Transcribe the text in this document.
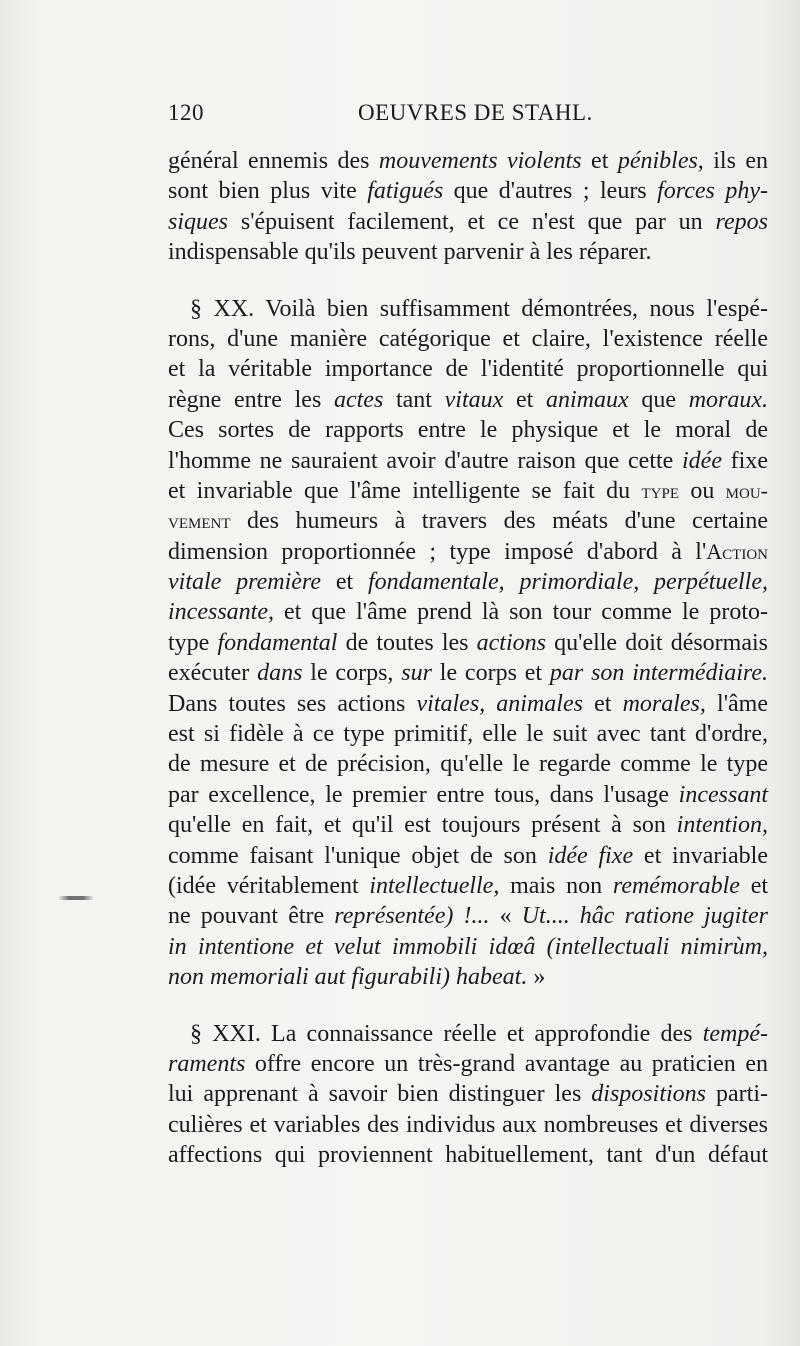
120	OEUVRES DE STAHL.
général ennemis des mouvements violents et pénibles, ils en
sont bien plus vite fatigués que d'autres ; leurs forces phy-
siques s'épuisent facilement, et ce n'est que par un repos
indispensable qu'ils peuvent parvenir à les réparer.
§ XX. Voilà bien suffisamment démontrées, nous l'espé-
rons, d'une manière catégorique et claire, l'existence réelle
et la véritable importance de l'identité proportionnelle qui
règne entre les actes tant vitaux et animaux que moraux.
Ces sortes de rapports entre le physique et le moral de
l'homme ne sauraient avoir d'autre raison que cette idée fixe
et invariable que l'âme intelligente se fait du type ou mou-
vement des humeurs à travers des méats d'une certaine
dimension proportionnée ; type imposé d'abord à l'Action
vitale première et fondamentale, primordiale, perpétuelle,
incessante, et que l'âme prend là son tour comme le proto-
type fondamental de toutes les actions qu'elle doit désormais
exécuter dans le corps, sur le corps et par son intermédiaire.
Dans toutes ses actions vitales, animales et morales, l'âme
est si fidèle à ce type primitif, elle le suit avec tant d'ordre,
de mesure et de précision, qu'elle le regarde comme le type
par excellence, le premier entre tous, dans l'usage incessant
qu'elle en fait, et qu'il est toujours présent à son intention,
comme faisant l'unique objet de son idée fixe et invariable
(idée véritablement intellectuelle, mais non remémorable et
ne pouvant être représentée) !... « Ut.... hâc ratione jugiter
in intentione et velut immobili idœâ (intellectuali nimirùm,
non memoriali aut figurabili) habeat. »
§ XXI. La connaissance réelle et approfondie des tempé-
raments offre encore un très-grand avantage au praticien en
lui apprenant à savoir bien distinguer les dispositions parti-
culières et variables des individus aux nombreuses et diverses
affections qui proviennent habituellement, tant d'un défaut
